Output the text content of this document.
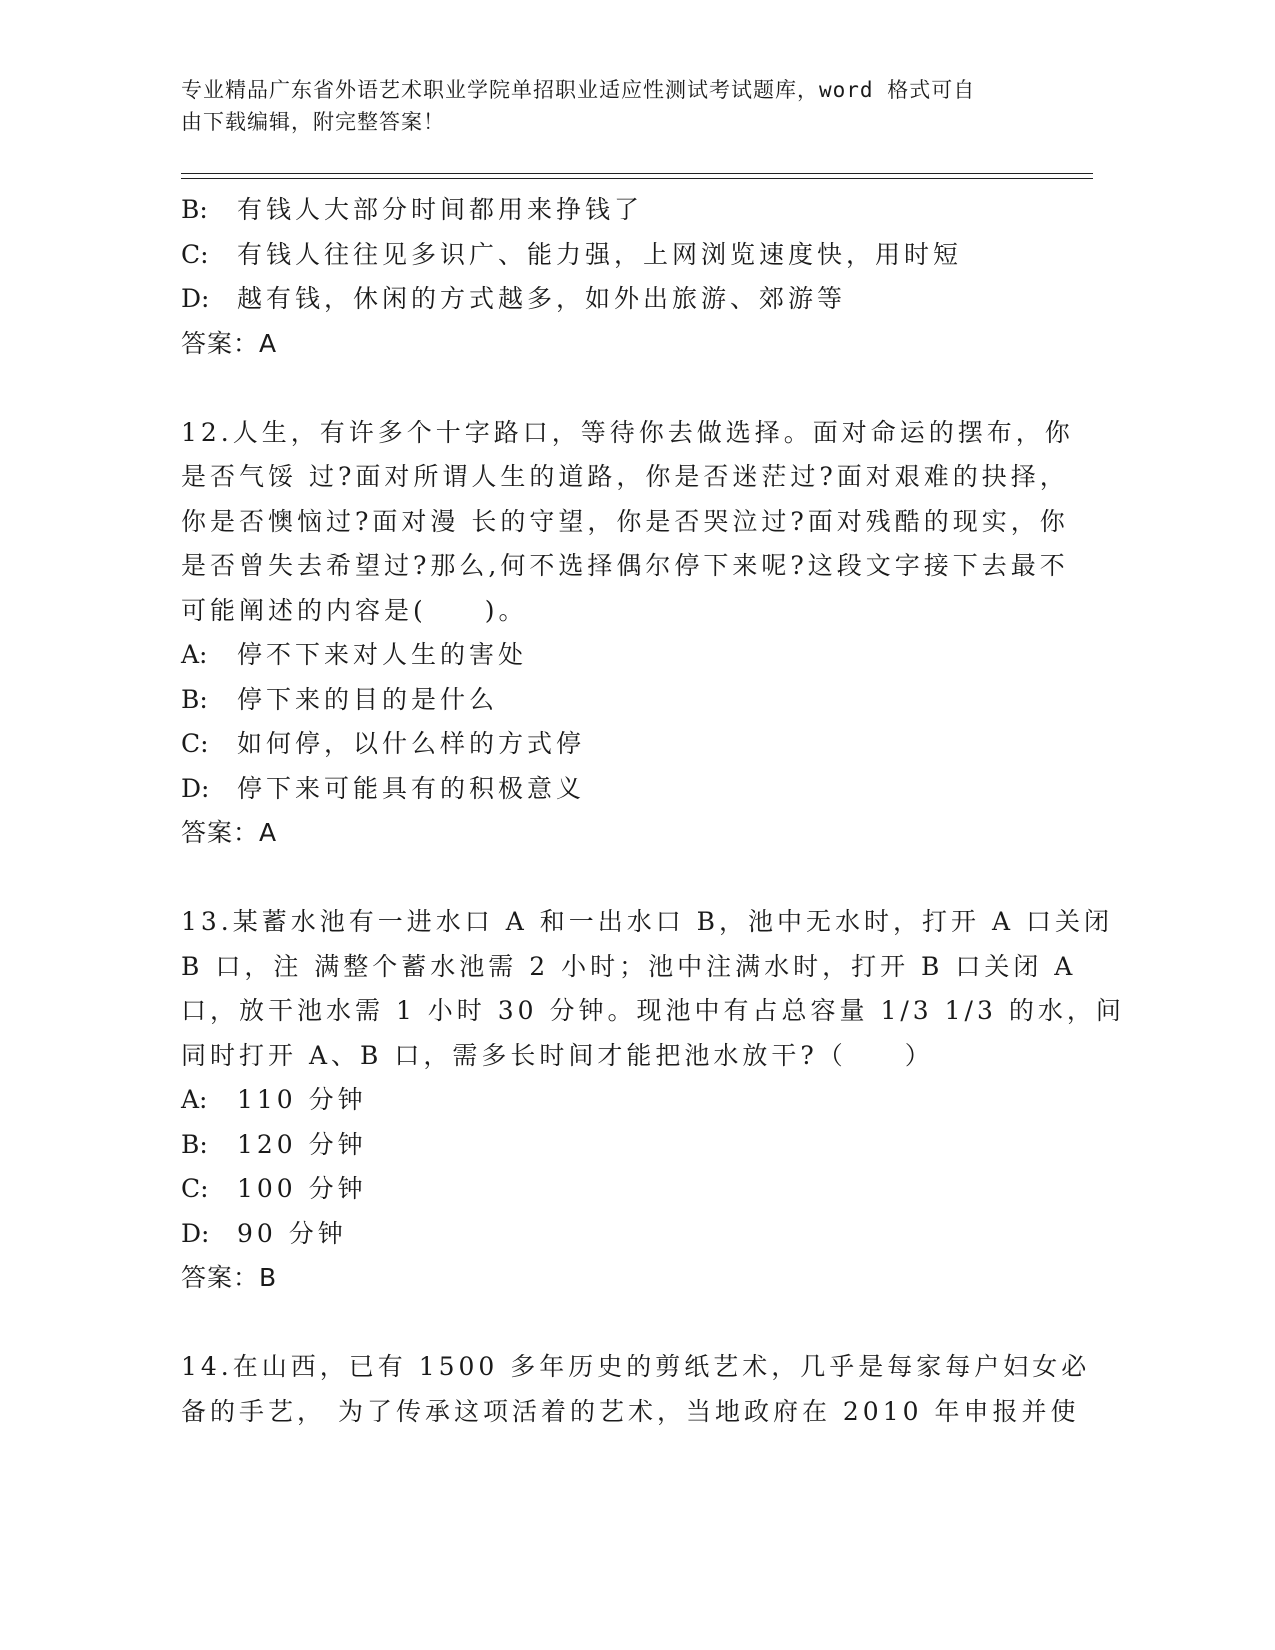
专业精品广东省外语艺术职业学院单招职业适应性测试考试题库，word 格式可自
由下载编辑，附完整答案！
B:	有钱人大部分时间都用来挣钱了
C:	有钱人往往见多识广、能力强，上网浏览速度快，用时短
D:	越有钱，休闲的方式越多，如外出旅游、郊游等
答案：A
12.人生，有许多个十字路口，等待你去做选择。面对命运的摆布，你
是否气馁 过?面对所谓人生的道路，你是否迷茫过?面对艰难的抉择，
你是否懊恼过?面对漫 长的守望，你是否哭泣过?面对残酷的现实，你
是否曾失去希望过?那么,何不选择偶尔停下来呢?这段文字接下去最不
可能阐述的内容是(　　)。
A:	停不下来对人生的害处
B:	停下来的目的是什么
C:	如何停，以什么样的方式停
D:	停下来可能具有的积极意义
答案：A
13.某蓄水池有一进水口 A 和一出水口 B，池中无水时，打开 A 口关闭
B 口，注 满整个蓄水池需 2 小时；池中注满水时，打开 B 口关闭 A
口，放干池水需 1 小时 30 分钟。现池中有占总容量 1/3 1/3 的水，问
同时打开 A、B 口，需多长时间才能把池水放干?（　　）
A:	110 分钟
B:	120 分钟
C:	100 分钟
D:	90 分钟
答案：B
14.在山西，已有 1500 多年历史的剪纸艺术，几乎是每家每户妇女必
备的手艺， 为了传承这项活着的艺术，当地政府在 2010 年申报并使
